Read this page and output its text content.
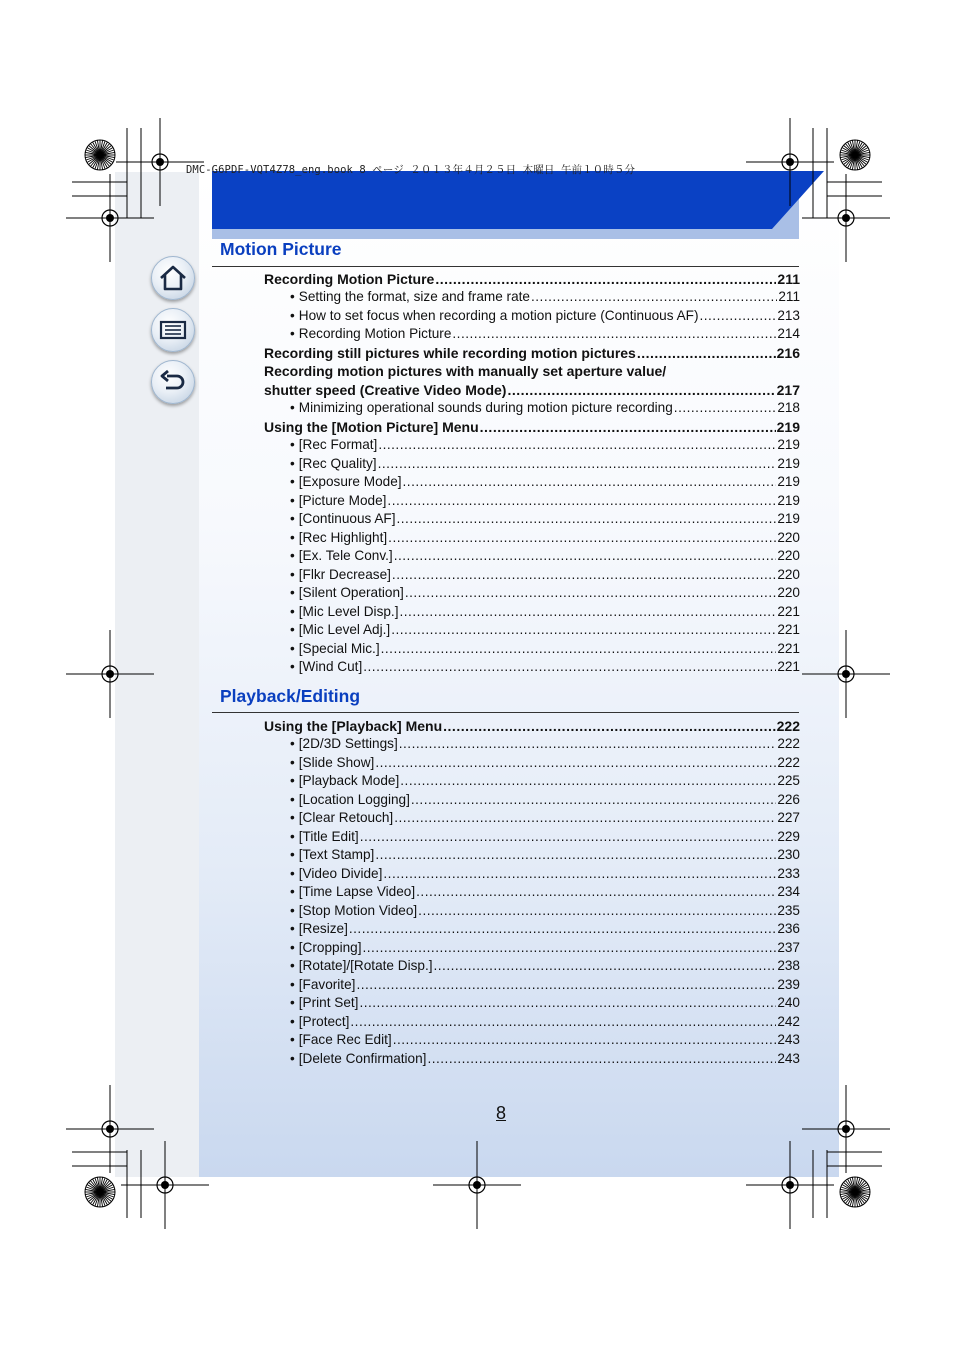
DMC-G6PDF-VQT4Z78_eng.book 8 ページ ２０１３年４月２５日 木曜日 午前１０時５分
Motion Picture
Recording Motion Picture .....	211
• Setting the format, size and frame rate .....	211
• How to set focus when recording a motion picture (Continuous AF) .....	213
• Recording Motion Picture .....	214
Recording still pictures while recording motion pictures .....	216
Recording motion pictures with manually set aperture value/
shutter speed (Creative Video Mode) .....	217
• Minimizing operational sounds during motion picture recording .....	218
Using the [Motion Picture] Menu .....	219
• [Rec Format] .....	219
• [Rec Quality] .....	219
• [Exposure Mode] .....	219
• [Picture Mode] .....	219
• [Continuous AF] .....	219
• [Rec Highlight] .....	220
• [Ex. Tele Conv.] .....	220
• [Flkr Decrease] .....	220
• [Silent Operation] .....	220
• [Mic Level Disp.] .....	221
• [Mic Level Adj.] .....	221
• [Special Mic.] .....	221
• [Wind Cut] .....	221
Playback/Editing
Using the [Playback] Menu .....	222
• [2D/3D Settings] .....	222
• [Slide Show] .....	222
• [Playback Mode] .....	225
• [Location Logging] .....	226
• [Clear Retouch] .....	227
• [Title Edit] .....	229
• [Text Stamp] .....	230
• [Video Divide] .....	233
• [Time Lapse Video] .....	234
• [Stop Motion Video] .....	235
• [Resize] .....	236
• [Cropping] .....	237
• [Rotate]/[Rotate Disp.] .....	238
• [Favorite] .....	239
• [Print Set] .....	240
• [Protect] .....	242
• [Face Rec Edit] .....	243
• [Delete Confirmation] .....	243
8
